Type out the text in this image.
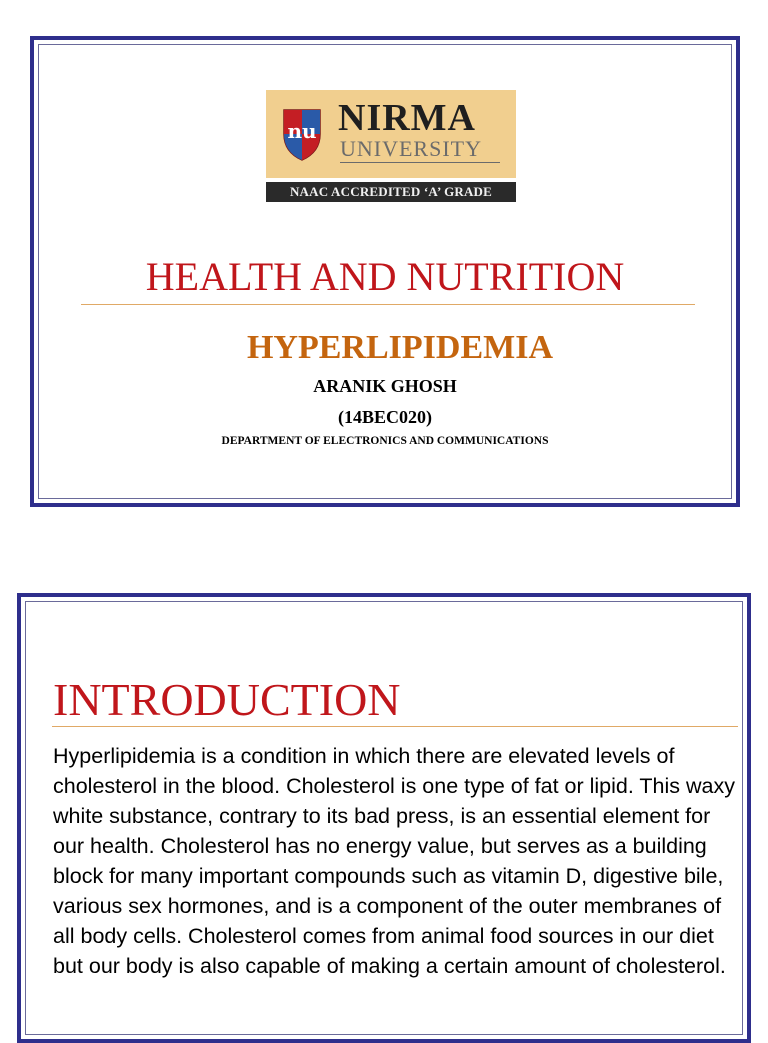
nu NIRMA
UNIVERSITY
NAAC ACCREDITED ‘A’ GRADE
HEALTH AND NUTRITION
HYPERLIPIDEMIA
ARANIK GHOSH
(14BEC020)
DEPARTMENT OF ELECTRONICS AND COMMUNICATIONS
INTRODUCTION
Hyperlipidemia is a condition in which there are elevated levels of cholesterol in the blood. Cholesterol is one type of fat or lipid. This waxy white substance, contrary to its bad press, is an essential element for our health. Cholesterol has no energy value, but serves as a building block for many important compounds such as vitamin D, digestive bile, various sex hormones, and is a component of the outer membranes of all body cells. Cholesterol comes from animal food sources in our diet but our body is also capable of making a certain amount of cholesterol.
